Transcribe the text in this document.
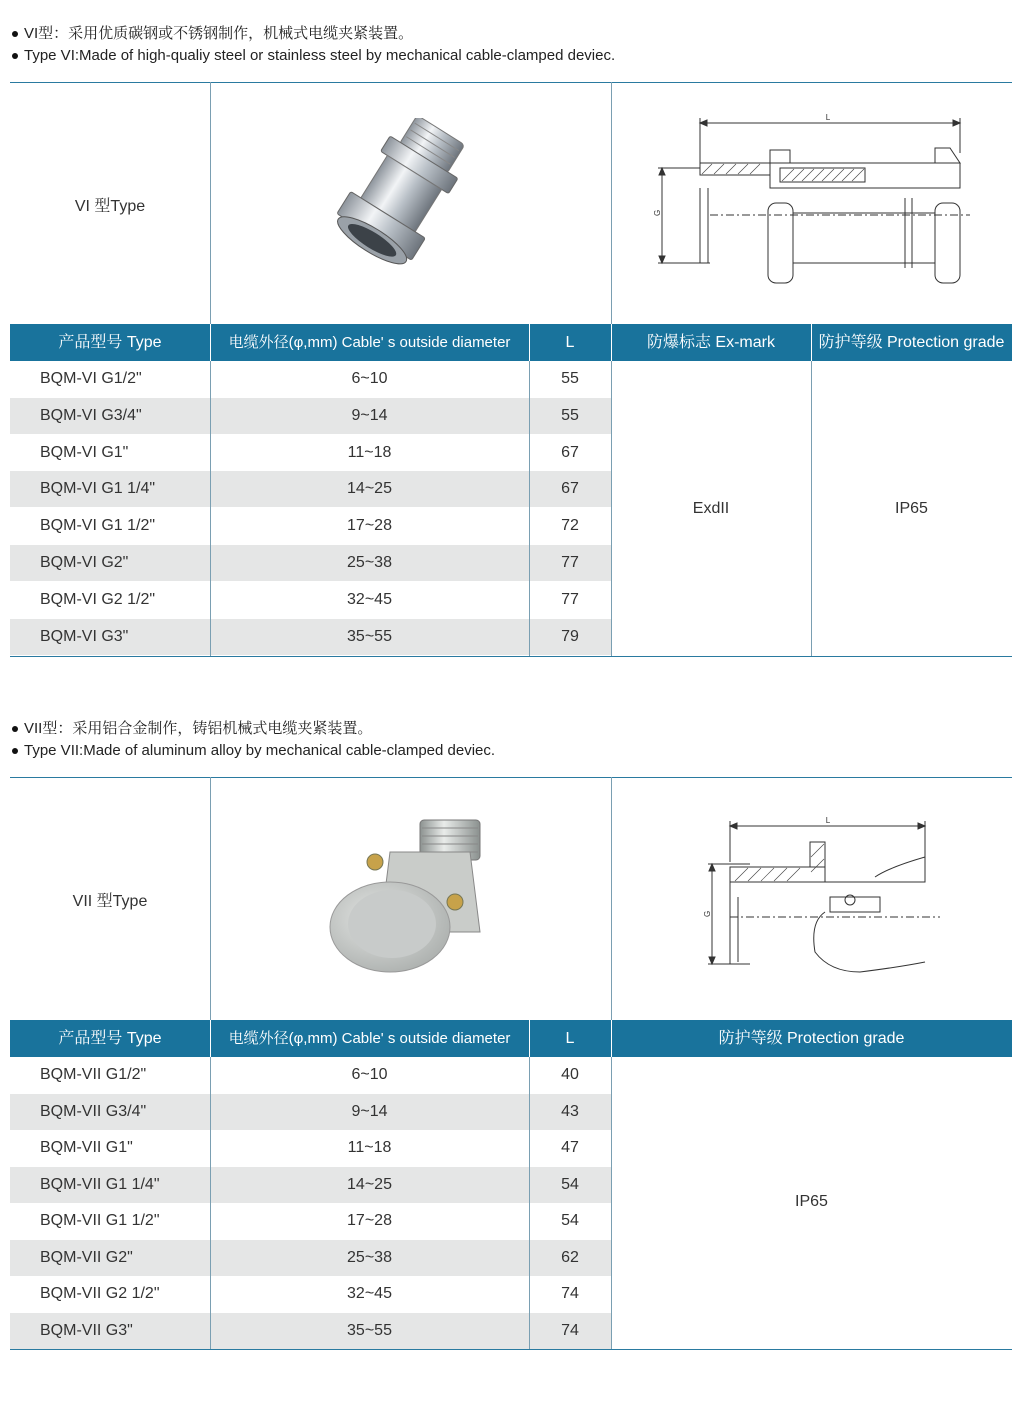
VI型：采用优质碳钢或不锈钢制作，机械式电缆夹紧装置。
Type VI:Made of high-qualiy steel or stainless steel by mechanical cable-clamped deviec.
VI 型Type
L
G
产品型号 Type	电缆外径(φ,mm) Cable' s outside diameter	L	防爆标志 Ex-mark	防护等级 Protection grade
BQM-VI G1/2"	6~10	55
BQM-VI G3/4"	9~14	55
BQM-VI G1"	11~18	67
BQM-VI G1 1/4"	14~25	67
BQM-VI G1 1/2"	17~28	72
BQM-VI G2"	25~38	77
BQM-VI G2 1/2"	32~45	77
BQM-VI G3"	35~55	79
ExdII	IP65
VII型：采用铝合金制作，铸铝机械式电缆夹紧装置。
Type VII:Made of aluminum alloy by mechanical cable-clamped deviec.
VII 型Type
L
G
产品型号 Type	电缆外径(φ,mm) Cable' s outside diameter	L	防护等级 Protection grade
BQM-VII G1/2"	6~10	40
BQM-VII G3/4"	9~14	43
BQM-VII G1"	11~18	47
BQM-VII G1 1/4"	14~25	54
BQM-VII G1 1/2"	17~28	54
BQM-VII G2"	25~38	62
BQM-VII G2 1/2"	32~45	74
BQM-VII G3"	35~55	74
IP65
